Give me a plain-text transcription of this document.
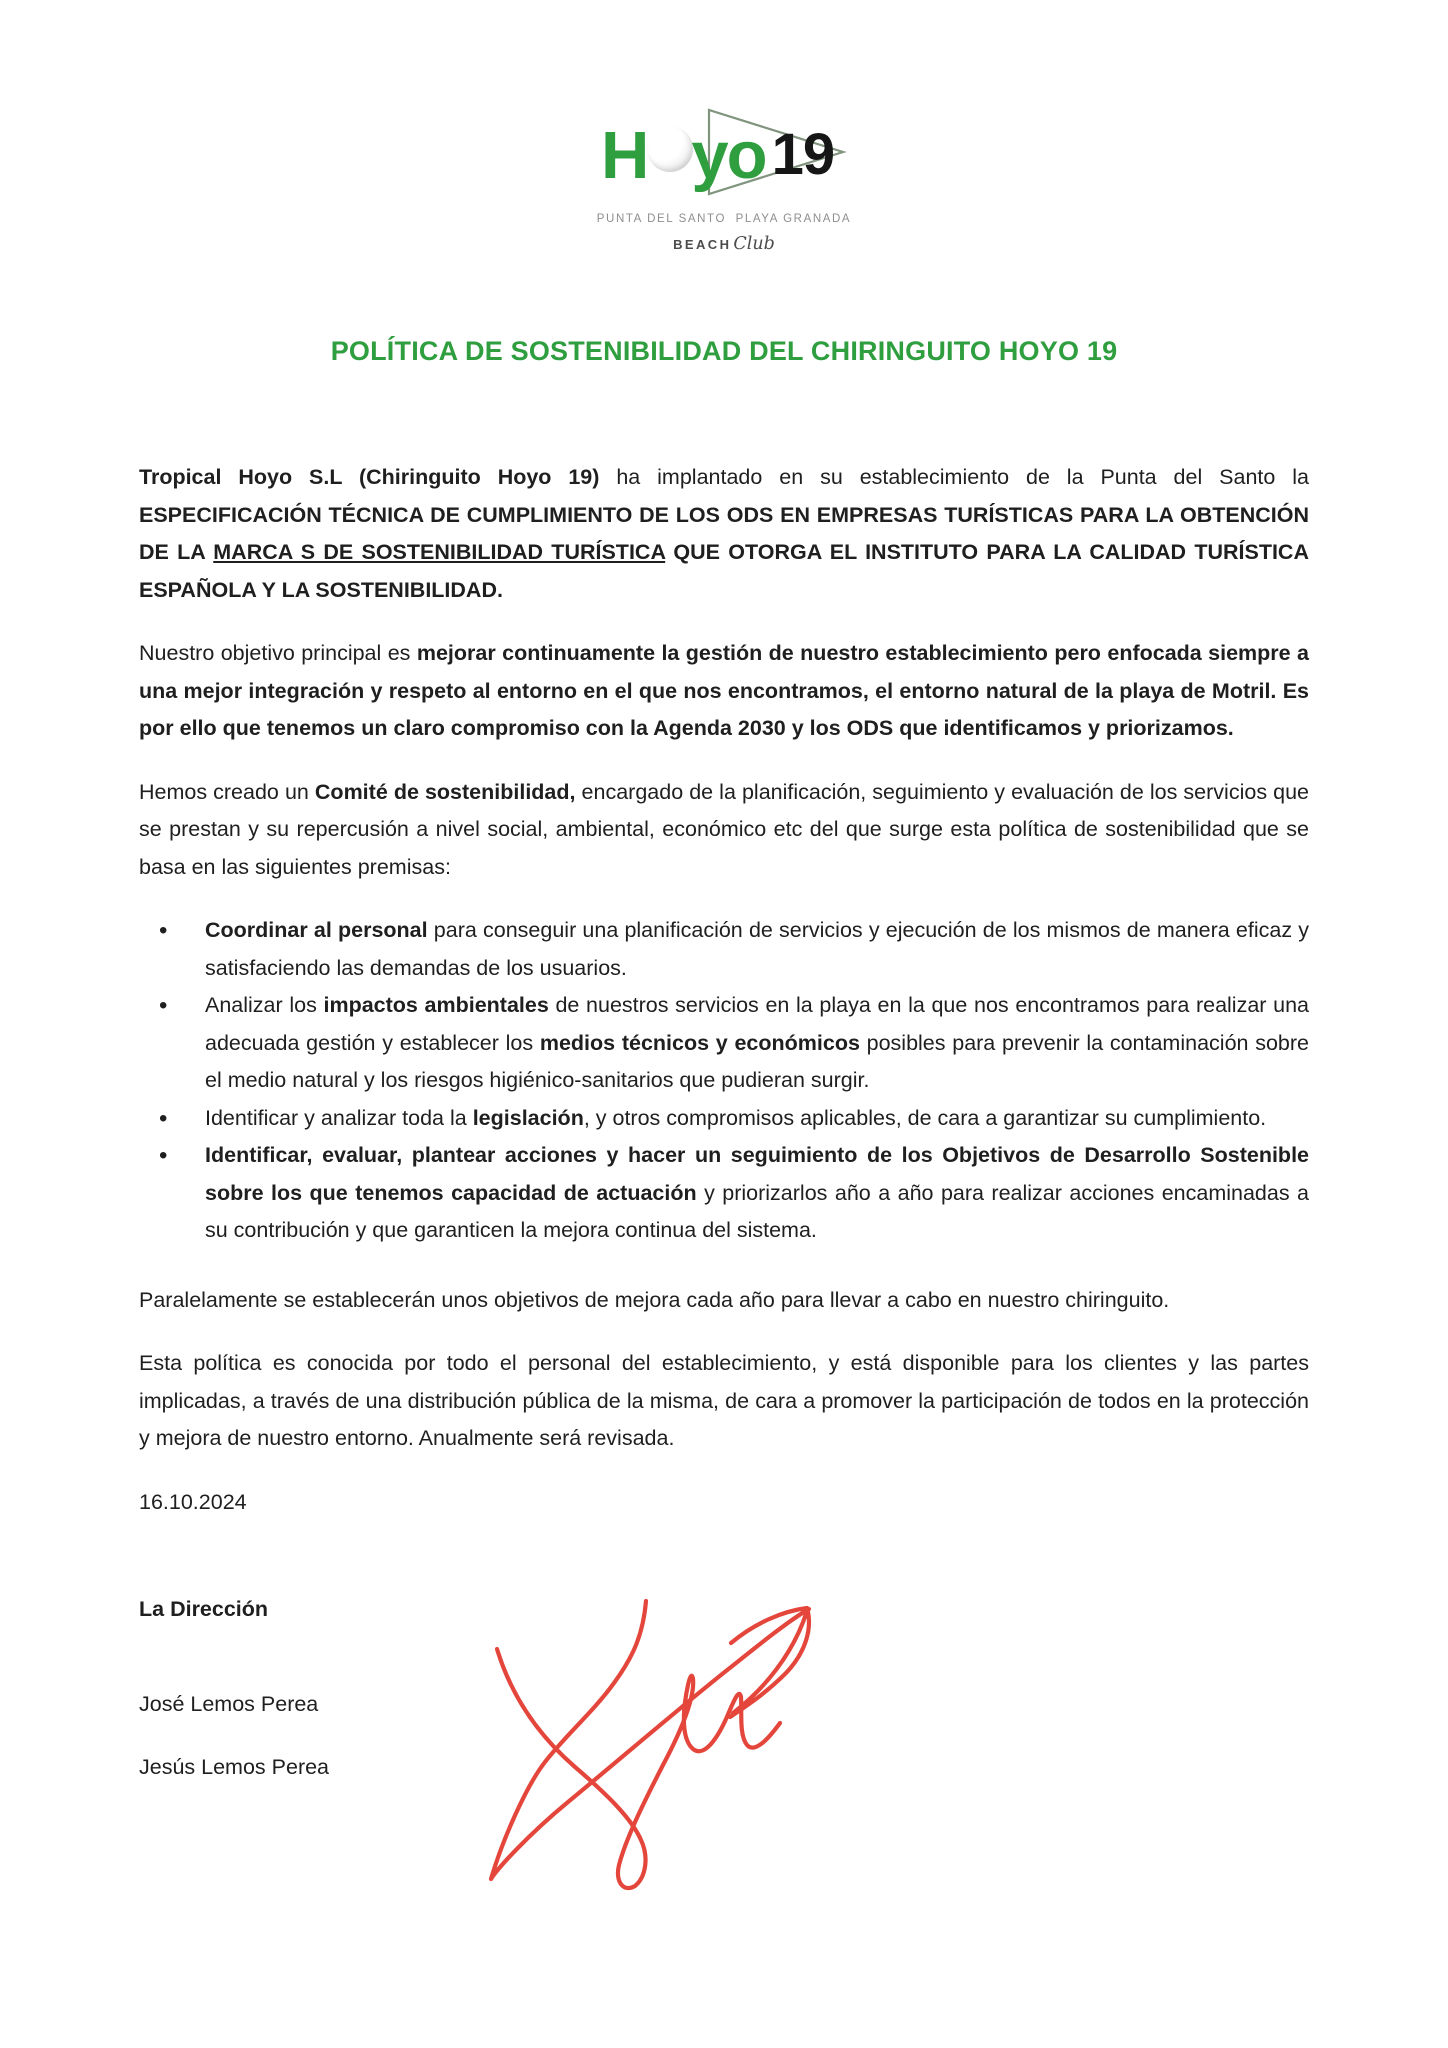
H yo 19
PUNTA DEL SANTO  PLAYA GRANADA
BEACH Club
POLÍTICA DE SOSTENIBILIDAD DEL CHIRINGUITO HOYO 19

Tropical Hoyo S.L (Chiringuito Hoyo 19) ha implantado en su establecimiento de la Punta del Santo la ESPECIFICACIÓN TÉCNICA DE CUMPLIMIENTO DE LOS ODS EN EMPRESAS TURÍSTICAS PARA LA OBTENCIÓN DE LA MARCA S DE SOSTENIBILIDAD TURÍSTICA QUE OTORGA EL INSTITUTO PARA LA CALIDAD TURÍSTICA ESPAÑOLA Y LA SOSTENIBILIDAD.

Nuestro objetivo principal es mejorar continuamente la gestión de nuestro establecimiento pero enfocada siempre a una mejor integración y respeto al entorno en el que nos encontramos, el entorno natural de la playa de Motril. Es por ello que tenemos un claro compromiso con la Agenda 2030 y los ODS que identificamos y priorizamos.

Hemos creado un Comité de sostenibilidad, encargado de la planificación, seguimiento y evaluación de los servicios que se prestan y su repercusión a nivel social, ambiental, económico etc del que surge esta política de sostenibilidad que se basa en las siguientes premisas:

• Coordinar al personal para conseguir una planificación de servicios y ejecución de los mismos de manera eficaz y satisfaciendo las demandas de los usuarios.
• Analizar los impactos ambientales de nuestros servicios en la playa en la que nos encontramos para realizar una adecuada gestión y establecer los medios técnicos y económicos posibles para prevenir la contaminación sobre el medio natural y los riesgos higiénico-sanitarios que pudieran surgir.
• Identificar y analizar toda la legislación, y otros compromisos aplicables, de cara a garantizar su cumplimiento.
• Identificar, evaluar, plantear acciones y hacer un seguimiento de los Objetivos de Desarrollo Sostenible sobre los que tenemos capacidad de actuación y priorizarlos año a año para realizar acciones encaminadas a su contribución y que garanticen la mejora continua del sistema.

Paralelamente se establecerán unos objetivos de mejora cada año para llevar a cabo en nuestro chiringuito.

Esta política es conocida por todo el personal del establecimiento, y está disponible para los clientes y las partes implicadas, a través de una distribución pública de la misma, de cara a promover la participación de todos en la protección y mejora de nuestro entorno. Anualmente será revisada.

16.10.2024

La Dirección

José Lemos Perea

Jesús Lemos Perea
